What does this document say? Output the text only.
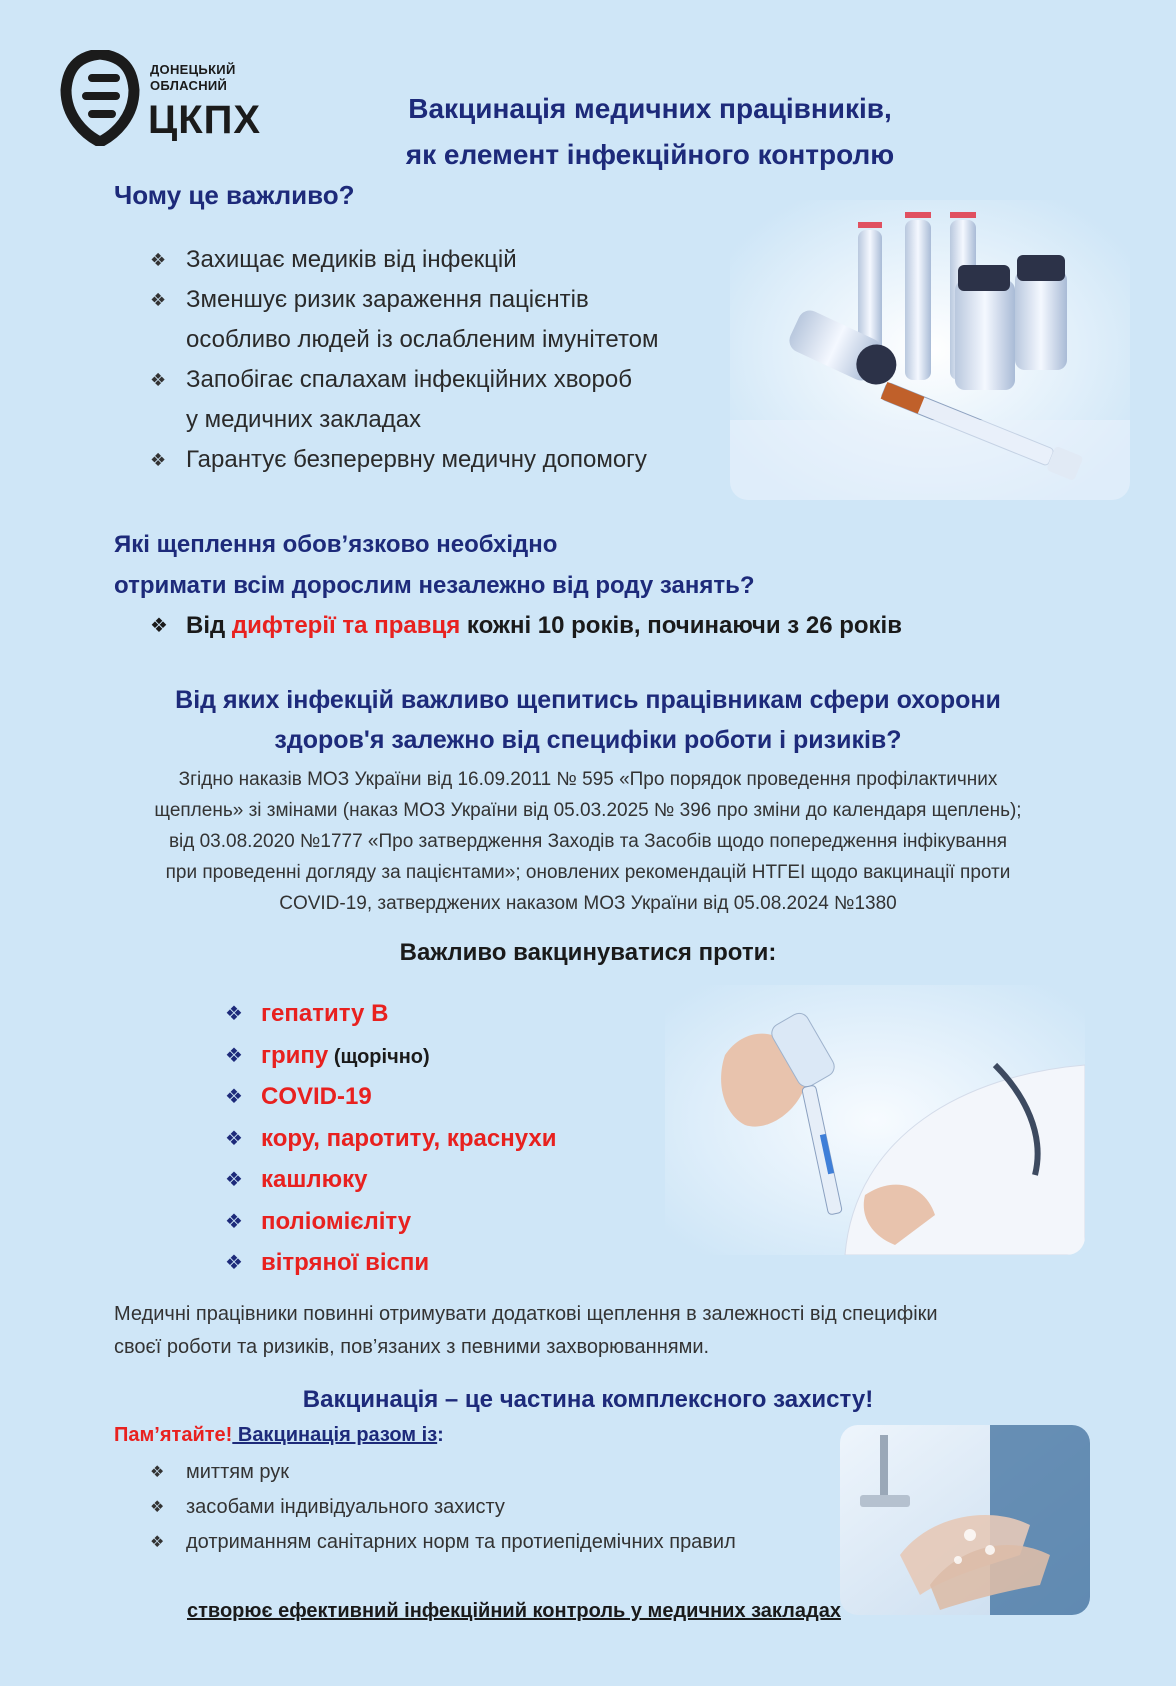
ДОНЕЦЬКИЙ
ОБЛАСНИЙ
ЦКПХ	Вакцинація медичних працівників,
як елемент інфекційного контролю
Чому це важливо?
❖ Захищає медиків від інфекцій
❖ Зменшує ризик зараження пацієнтів
особливо людей із ослабленим імунітетом
❖ Запобігає спалахам інфекційних хвороб
у медичних закладах
❖ Гарантує безперервну медичну допомогу
Які щеплення обов’язково необхідно
отримати всім дорослим незалежно від роду занять?
❖ Від дифтерії та правця кожні 10 років, починаючи з 26 років
Від яких інфекцій важливо щепитись працівникам сфери охорони
здоров'я залежно від специфіки роботи і ризиків?
Згідно наказів МОЗ України від 16.09.2011 № 595 «Про порядок проведення профілактичних
щеплень» зі змінами (наказ МОЗ України від 05.03.2025 № 396 про зміни до календаря щеплень);
від 03.08.2020 №1777 «Про затвердження Заходів та Засобів щодо попередження інфікування
при проведенні догляду за пацієнтами»; оновлених рекомендацій НТГЕІ щодо вакцинації проти
COVID-19, затверджених наказом МОЗ України від 05.08.2024 №1380
Важливо вакцинуватися проти:
❖ гепатиту В
❖ грипу (щорічно)
❖ COVID-19
❖ кору, паротиту, краснухи
❖ кашлюку
❖ поліомієліту
❖ вітряної віспи
Медичні працівники повинні отримувати додаткові щеплення в залежності від специфіки
своєї роботи та ризиків, пов’язаних з певними захворюваннями.
Вакцинація – це частина комплексного захисту!
Пам’ятайте! Вакцинація разом із:
❖ миттям рук
❖ засобами індивідуального захисту
❖ дотриманням санітарних норм та протиепідемічних правил
створює ефективний інфекційний контроль у медичних закладах
